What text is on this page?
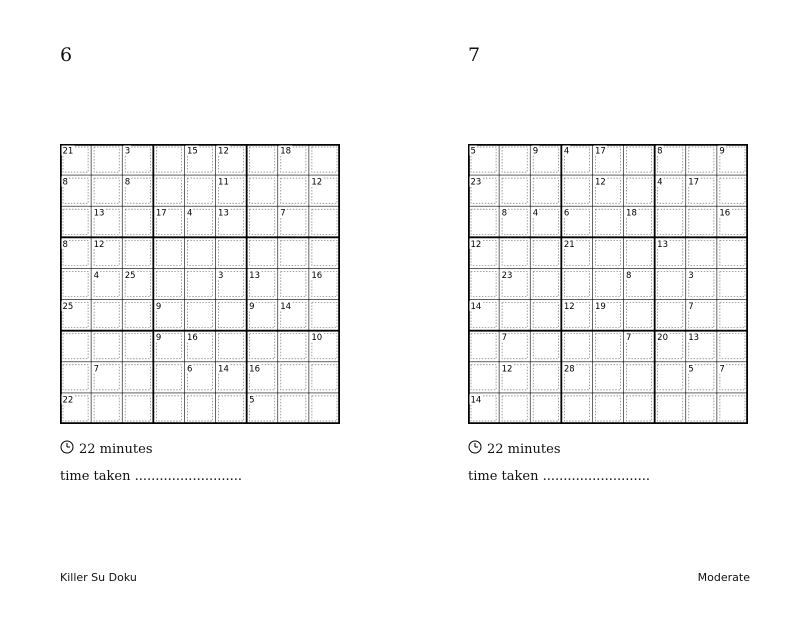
6
21	3	15 12	18
8	8	11	12
13	17 4	13	7
8	12
4	25	3	13	16
25	9	9	14
9	16	10
7	6	14 16
22	5
22 minutes
time taken ..........................
7
5	9	4	17	8	9
23	12	4	17
8	4	6	18	16
12	21	13
23	8	3
14	12 19	7
7	7	20 13
12	28	5	7
14
22 minutes
time taken ..........................
Killer Su Doku	Moderate
